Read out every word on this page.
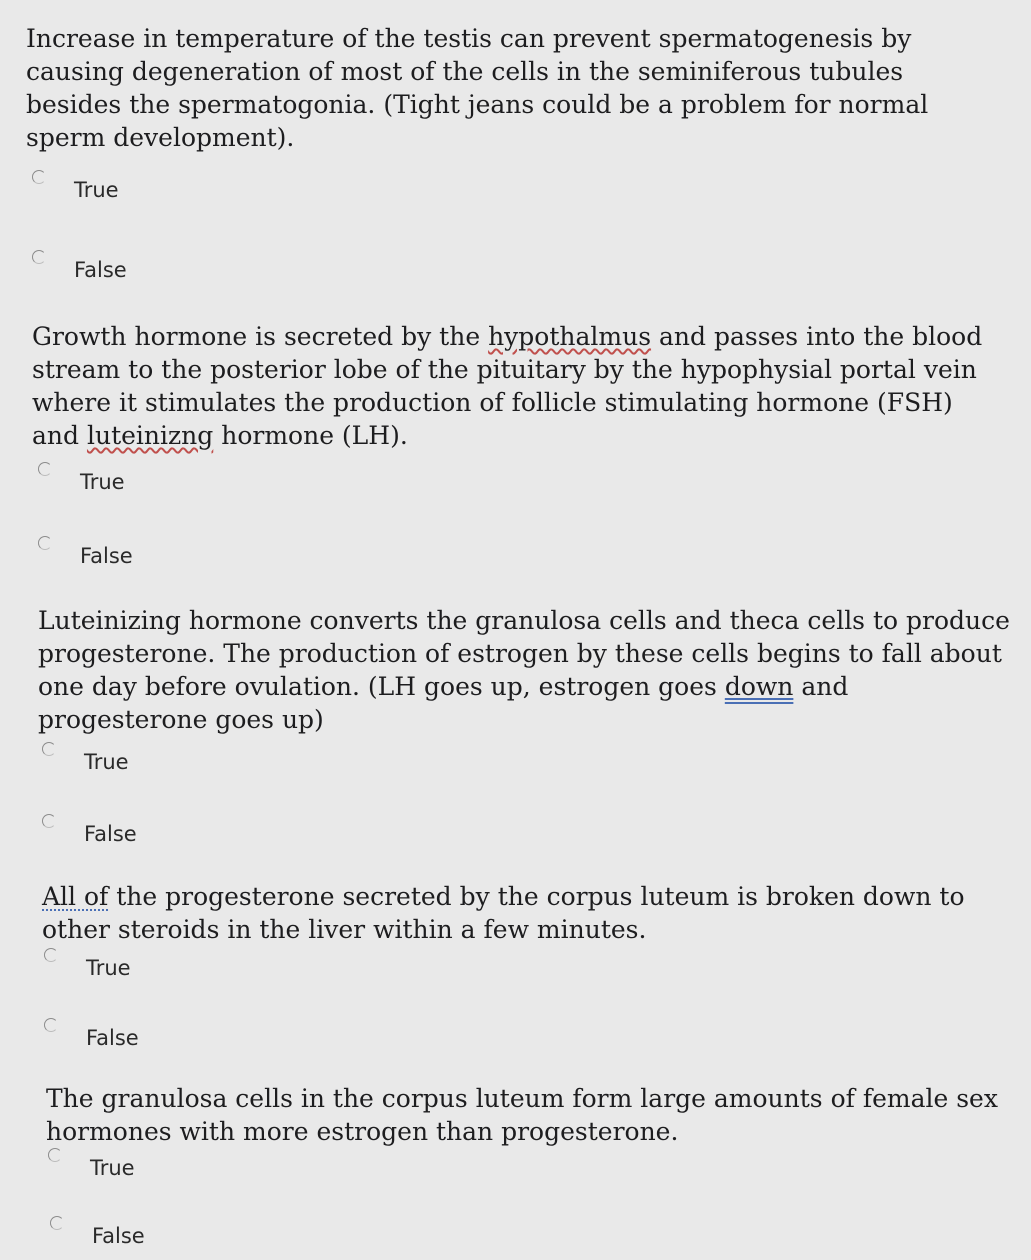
Increase in temperature of the testis can prevent spermatogenesis by causing degeneration of most of the cells in the seminiferous tubules besides the spermatogonia. (Tight jeans could be a problem for normal sperm development).

True
False

Growth hormone is secreted by the hypothalmus and passes into the blood stream to the posterior lobe of the pituitary by the hypophysial portal vein where it stimulates the production of follicle stimulating hormone (FSH) and luteinizng hormone (LH).

True
False

Luteinizing hormone converts the granulosa cells and theca cells to produce progesterone. The production of estrogen by these cells begins to fall about one day before ovulation. (LH goes up, estrogen goes down and progesterone goes up)

True
False

All of the progesterone secreted by the corpus luteum is broken down to other steroids in the liver within a few minutes.

True
False

The granulosa cells in the corpus luteum form large amounts of female sex hormones with more estrogen than progesterone.

True
False
